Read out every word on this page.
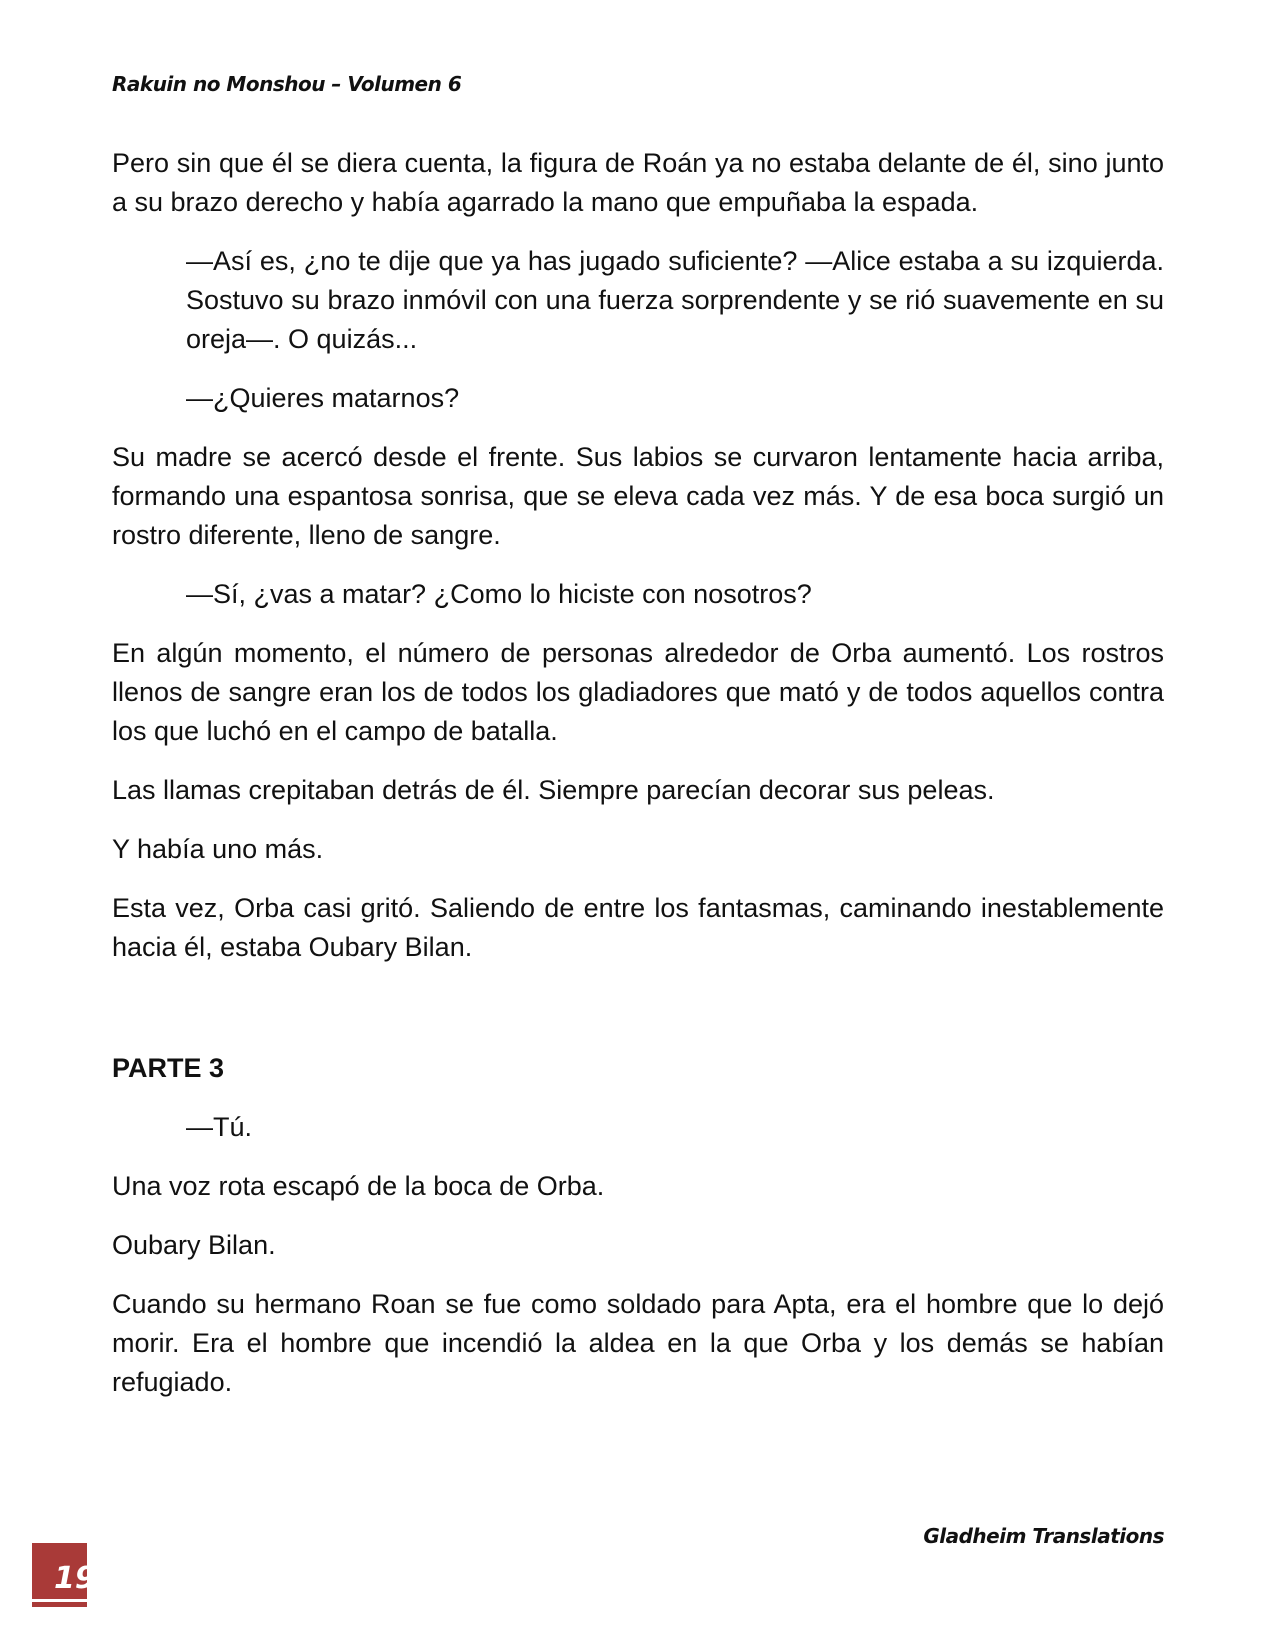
Rakuin no Monshou – Volumen 6

Pero sin que él se diera cuenta, la figura de Roán ya no estaba delante de él, sino junto a su brazo derecho y había agarrado la mano que empuñaba la espada.

—Así es, ¿no te dije que ya has jugado suficiente? —Alice estaba a su izquierda. Sostuvo su brazo inmóvil con una fuerza sorprendente y se rió suavemente en su oreja—. O quizás...

—¿Quieres matarnos?

Su madre se acercó desde el frente. Sus labios se curvaron lentamente hacia arriba, formando una espantosa sonrisa, que se eleva cada vez más. Y de esa boca surgió un rostro diferente, lleno de sangre.

—Sí, ¿vas a matar? ¿Como lo hiciste con nosotros?

En algún momento, el número de personas alrededor de Orba aumentó. Los rostros llenos de sangre eran los de todos los gladiadores que mató y de todos aquellos contra los que luchó en el campo de batalla.

Las llamas crepitaban detrás de él. Siempre parecían decorar sus peleas.

Y había uno más.

Esta vez, Orba casi gritó. Saliendo de entre los fantasmas, caminando inestablemente hacia él, estaba Oubary Bilan.

PARTE 3

—Tú.

Una voz rota escapó de la boca de Orba.

Oubary Bilan.

Cuando su hermano Roan se fue como soldado para Apta, era el hombre que lo dejó morir. Era el hombre que incendió la aldea en la que Orba y los demás se habían refugiado.

Gladheim Translations
19
